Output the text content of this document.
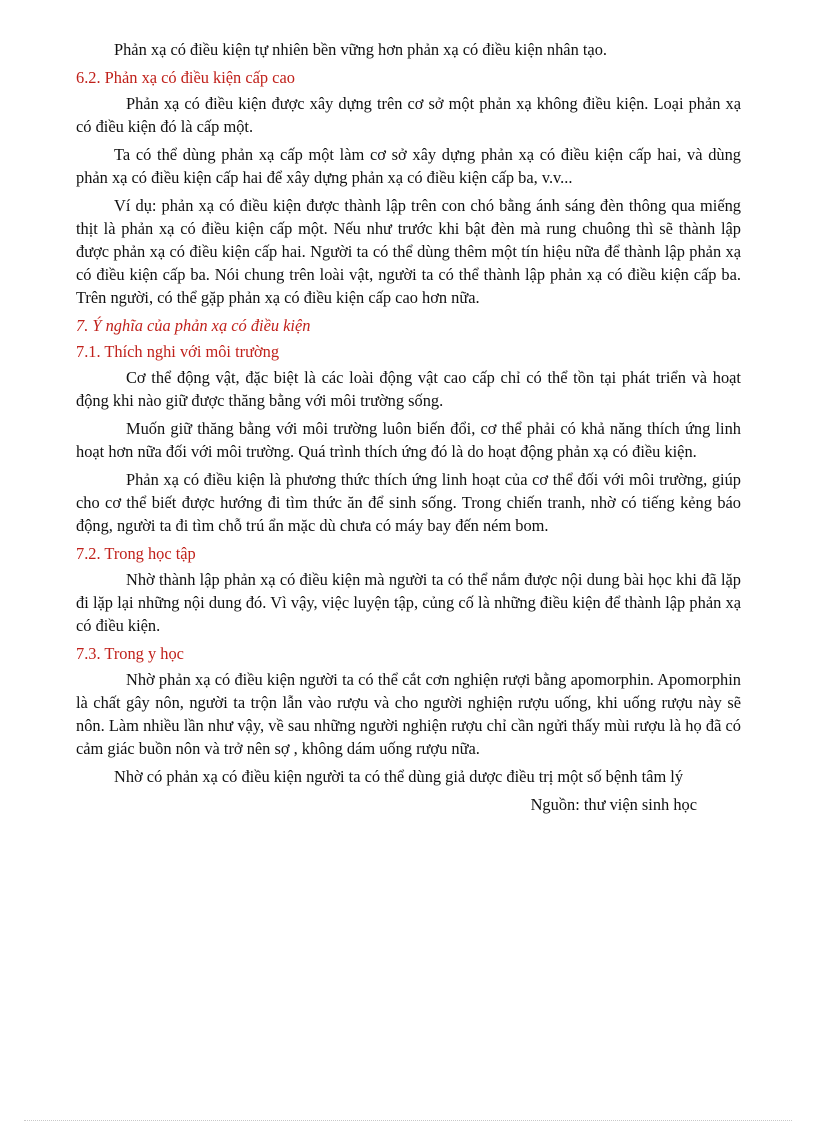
Phản xạ có điều kiện tự nhiên bền vững hơn phản xạ có điều kiện nhân tạo.

6.2. Phản xạ có điều kiện cấp cao

Phản xạ có điều kiện được xây dựng trên cơ sở một phản xạ không điều kiện. Loại phản xạ có điều kiện đó là cấp một.

Ta có thể dùng phản xạ cấp một làm cơ sở xây dựng phản xạ có điều kiện cấp hai, và dùng phản xạ có điều kiện cấp hai để xây dựng phản xạ có điều kiện cấp ba, v.v...

Ví dụ: phản xạ có điều kiện được thành lập trên con chó bằng ánh sáng đèn thông qua miếng thịt là phản xạ có điều kiện cấp một. Nếu như trước khi bật đèn mà rung chuông thì sẽ thành lập được phản xạ có điều kiện cấp hai. Người ta có thể dùng thêm một tín hiệu nữa để thành lập phản xạ có điều kiện cấp ba. Nói chung trên loài vật, người ta có thể thành lập phản xạ có điều kiện cấp ba. Trên người, có thể gặp phản xạ có điều kiện cấp cao hơn nữa.

7. Ý nghĩa của phản xạ có điều kiện
7.1. Thích nghi với môi trường

Cơ thể động vật, đặc biệt là các loài động vật cao cấp chỉ có thể tồn tại phát triển và hoạt động khi nào giữ được thăng bằng với môi trường sống.

Muốn giữ thăng bằng với môi trường luôn biến đổi, cơ thể phải có khả năng thích ứng linh hoạt hơn nữa đối với môi trường. Quá trình thích ứng đó là do hoạt động phản xạ có điều kiện.

Phản xạ có điều kiện là phương thức thích ứng linh hoạt của cơ thể đối với môi trường, giúp cho cơ thể biết được hướng đi tìm thức ăn để sinh sống. Trong chiến tranh, nhờ có tiếng kẻng báo động, người ta đi tìm chỗ trú ẩn mặc dù chưa có máy bay đến ném bom.

7.2. Trong học tập

Nhờ thành lập phản xạ có điều kiện mà người ta có thể nắm được nội dung bài học khi đã lặp đi lặp lại những nội dung đó. Vì vậy, việc luyện tập, củng cố là những điều kiện để thành lập phản xạ có điều kiện.

7.3. Trong y học

Nhờ phản xạ có điều kiện người ta có thể cắt cơn nghiện rượi bằng apomorphin. Apomorphin là chất gây nôn, người ta trộn lẫn vào rượu và cho người nghiện rượu uống, khi uống rượu này sẽ nôn. Làm nhiều lần như vậy, về sau những người nghiện rượu chỉ cần ngửi thấy mùi rượu là họ đã có cảm giác buồn nôn và trở nên sợ , không dám uống rượu nữa.

Nhờ có phản xạ có điều kiện người ta có thể dùng giả dược điều trị một số bệnh tâm lý

Nguồn: thư viện sinh học
